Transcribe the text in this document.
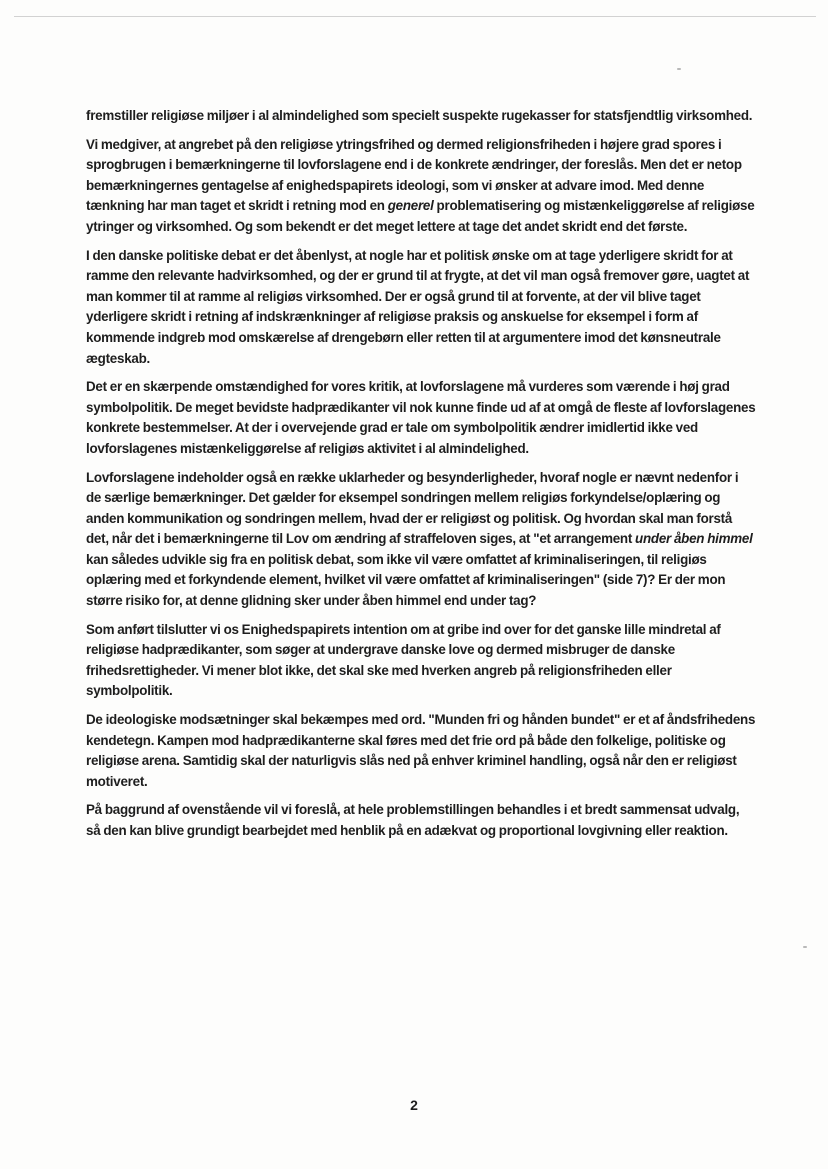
fremstiller religiøse miljøer i al almindelighed som specielt suspekte rugekasser for statsfjendtlig virksomhed.

Vi medgiver, at angrebet på den religiøse ytringsfrihed og dermed religionsfriheden i højere grad spores i sprogbrugen i bemærkningerne til lovforslagene end i de konkrete ændringer, der foreslås. Men det er netop bemærkningernes gentagelse af enighedspapirets ideologi, som vi ønsker at advare imod. Med denne tænkning har man taget et skridt i retning mod en generel problematisering og mistænkeliggørelse af religiøse ytringer og virksomhed. Og som bekendt er det meget lettere at tage det andet skridt end det første.

I den danske politiske debat er det åbenlyst, at nogle har et politisk ønske om at tage yderligere skridt for at ramme den relevante hadvirksomhed, og der er grund til at frygte, at det vil man også fremover gøre, uagtet at man kommer til at ramme al religiøs virksomhed. Der er også grund til at forvente, at der vil blive taget yderligere skridt i retning af indskrænkninger af religiøse praksis og anskuelse for eksempel i form af kommende indgreb mod omskærelse af drengebørn eller retten til at argumentere imod det kønsneutrale ægteskab.

Det er en skærpende omstændighed for vores kritik, at lovforslagene må vurderes som værende i høj grad symbolpolitik. De meget bevidste hadprædikanter vil nok kunne finde ud af at omgå de fleste af lovforslagenes konkrete bestemmelser. At der i overvejende grad er tale om symbolpolitik ændrer imidlertid ikke ved lovforslagenes mistænkeliggørelse af religiøs aktivitet i al almindelighed.

Lovforslagene indeholder også en række uklarheder og besynderligheder, hvoraf nogle er nævnt nedenfor i de særlige bemærkninger. Det gælder for eksempel sondringen mellem religiøs forkyndelse/oplæring og anden kommunikation og sondringen mellem, hvad der er religiøst og politisk. Og hvordan skal man forstå det, når det i bemærkningerne til Lov om ændring af straffeloven siges, at "et arrangement under åben himmel kan således udvikle sig fra en politisk debat, som ikke vil være omfattet af kriminaliseringen, til religiøs oplæring med et forkyndende element, hvilket vil være omfattet af kriminaliseringen" (side 7)? Er der mon større risiko for, at denne glidning sker under åben himmel end under tag?

Som anført tilslutter vi os Enighedspapirets intention om at gribe ind over for det ganske lille mindretal af religiøse hadprædikanter, som søger at undergrave danske love og dermed misbruger de danske frihedsrettigheder. Vi mener blot ikke, det skal ske med hverken angreb på religionsfriheden eller symbolpolitik.

De ideologiske modsætninger skal bekæmpes med ord. "Munden fri og hånden bundet" er et af åndsfrihedens kendetegn. Kampen mod hadprædikanterne skal føres med det frie ord på både den folkelige, politiske og religiøse arena. Samtidig skal der naturligvis slås ned på enhver kriminel handling, også når den er religiøst motiveret.

På baggrund af ovenstående vil vi foreslå, at hele problemstillingen behandles i et bredt sammensat udvalg, så den kan blive grundigt bearbejdet med henblik på en adækvat og proportional lovgivning eller reaktion.

2
